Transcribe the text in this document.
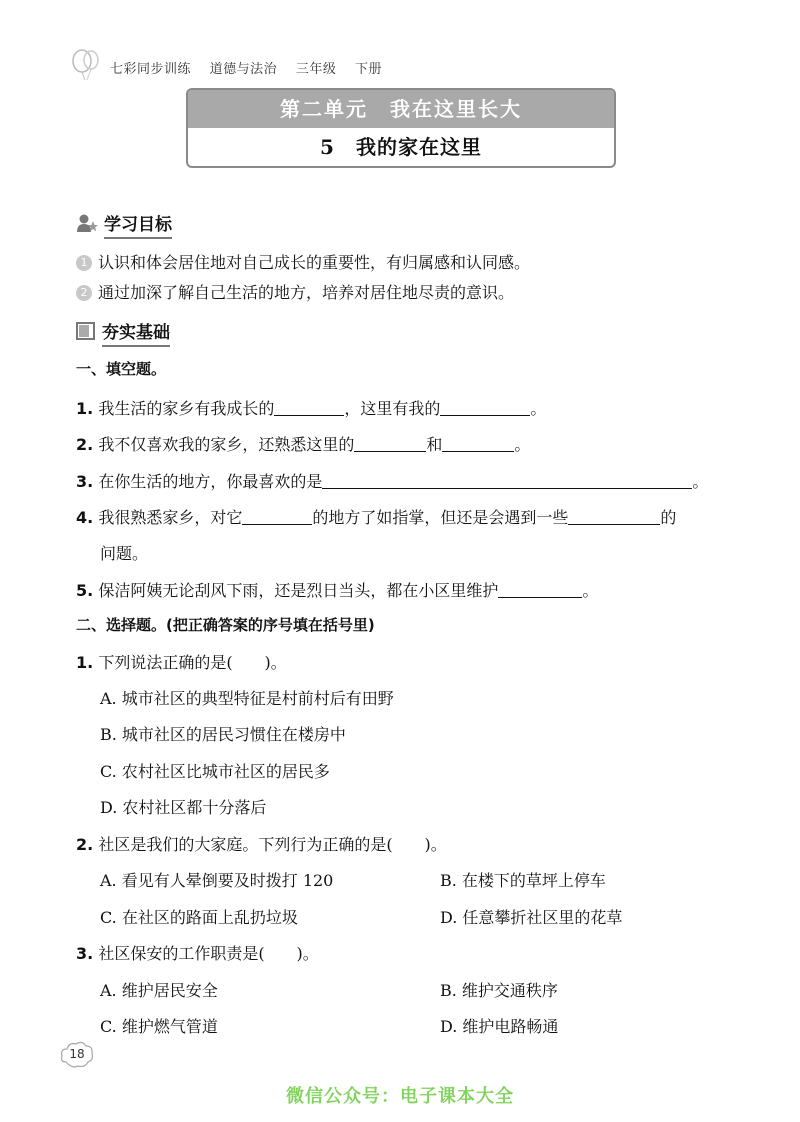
七彩同步训练 道德与法治 三年级 下册
第二单元　我在这里长大
5　我的家在这里
学习目标
1 认识和体会居住地对自己成长的重要性，有归属感和认同感。
2 通过加深了解自己生活的地方，培养对居住地尽责的意识。
夯实基础
一、填空题。
1. 我生活的家乡有我成长的	，这里有我的	。
2. 我不仅喜欢我的家乡，还熟悉这里的	和	。
3. 在你生活的地方，你最喜欢的是	。
4. 我很熟悉家乡，对它	的地方了如指掌，但还是会遇到一些	的
问题。
5. 保洁阿姨无论刮风下雨，还是烈日当头，都在小区里维护	。
二、选择题。(把正确答案的序号填在括号里)
1. 下列说法正确的是(　　)。
A. 城市社区的典型特征是村前村后有田野
B. 城市社区的居民习惯住在楼房中
C. 农村社区比城市社区的居民多
D. 农村社区都十分落后
2. 社区是我们的大家庭。下列行为正确的是(　　)。
A. 看见有人晕倒要及时拨打 120	B. 在楼下的草坪上停车
C. 在社区的路面上乱扔垃圾	D. 任意攀折社区里的花草
3. 社区保安的工作职责是(　　)。
A. 维护居民安全	B. 维护交通秩序
C. 维护燃气管道	D. 维护电路畅通
18
微信公众号：电子课本大全
